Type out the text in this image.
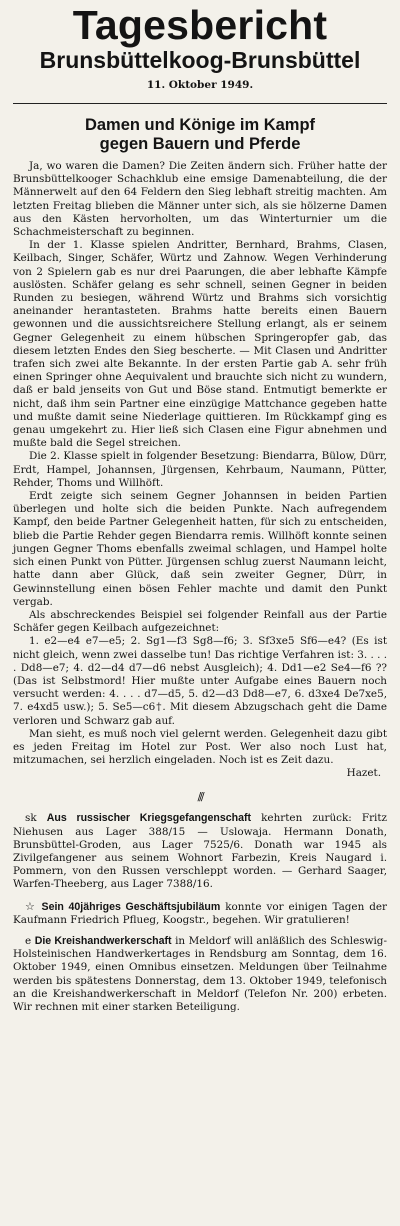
Tagesbericht
Brunsbüttelkoog-Brunsbüttel
11. Oktober 1949.
Damen und Könige im Kampf
gegen Bauern und Pferde

Ja, wo waren die Damen? Die Zeiten ändern sich. Früher hatte der Brunsbüttelkooger Schachklub eine emsige Damenabteilung, die der Männerwelt auf den 64 Feldern den Sieg lebhaft streitig machten. Am letzten Freitag blieben die Männer unter sich, als sie hölzerne Damen aus den Kästen hervorholten, um das Winterturnier um die Schachmeisterschaft zu beginnen.

In der 1. Klasse spielen Andritter, Bernhard, Brahms, Clasen, Keilbach, Singer, Schäfer, Würtz und Zahnow. Wegen Verhinderung von 2 Spielern gab es nur drei Paarungen, die aber lebhafte Kämpfe auslösten. Schäfer gelang es sehr schnell, seinen Gegner in beiden Runden zu besiegen, während Würtz und Brahms sich vorsichtig aneinander herantasteten. Brahms hatte bereits einen Bauern gewonnen und die aussichtsreichere Stellung erlangt, als er seinem Gegner Gelegenheit zu einem hübschen Springeropfer gab, das diesem letzten Endes den Sieg bescherte. — Mit Clasen und Andritter trafen sich zwei alte Bekannte. In der ersten Partie gab A. sehr früh einen Springer ohne Aequivalent und brauchte sich nicht zu wundern, daß er bald jenseits von Gut und Böse stand. Entmutigt bemerkte er nicht, daß ihm sein Partner eine einzügige Mattchance gegeben hatte und mußte damit seine Niederlage quittieren. Im Rückkampf ging es genau umgekehrt zu. Hier ließ sich Clasen eine Figur abnehmen und mußte bald die Segel streichen.

Die 2. Klasse spielt in folgender Besetzung: Biendarra, Bülow, Dürr, Erdt, Hampel, Johannsen, Jürgensen, Kehrbaum, Naumann, Pütter, Rehder, Thoms und Willhöft.

Erdt zeigte sich seinem Gegner Johannsen in beiden Partien überlegen und holte sich die beiden Punkte. Nach aufregendem Kampf, den beide Partner Gelegenheit hatten, für sich zu entscheiden, blieb die Partie Rehder gegen Biendarra remis. Willhöft konnte seinen jungen Gegner Thoms ebenfalls zweimal schlagen, und Hampel holte sich einen Punkt von Pütter. Jürgensen schlug zuerst Naumann leicht, hatte dann aber Glück, daß sein zweiter Gegner, Dürr, in Gewinnstellung einen bösen Fehler machte und damit den Punkt vergab.

Als abschreckendes Beispiel sei folgender Reinfall aus der Partie Schäfer gegen Keilbach aufgezeichnet:

1. e2—e4 e7—e5; 2. Sg1—f3 Sg8—f6; 3. Sf3xe5 Sf6—e4? (Es ist nicht gleich, wenn zwei dasselbe tun! Das richtige Verfahren ist: 3. . . . . Dd8—e7; 4. d2—d4 d7—d6 nebst Ausgleich); 4. Dd1—e2 Se4—f6 ?? (Das ist Selbstmord! Hier mußte unter Aufgabe eines Bauern noch versucht werden: 4. . . . d7—d5, 5. d2—d3 Dd8—e7, 6. d3xe4 De7xe5, 7. e4xd5 usw.); 5. Se5—c6†. Mit diesem Abzugschach geht die Dame verloren und Schwarz gab auf.

Man sieht, es muß noch viel gelernt werden. Gelegenheit dazu gibt es jeden Freitag im Hotel zur Post. Wer also noch Lust hat, mitzumachen, sei herzlich eingeladen. Noch ist es Zeit dazu.

Hazet.
///

sk Aus russischer Kriegsgefangenschaft kehrten zurück: Fritz Niehusen aus Lager 388/15 — Uslowaja. Hermann Donath, Brunsbüttel-Groden, aus Lager 7525/6. Donath war 1945 als Zivilgefangener aus seinem Wohnort Farbezin, Kreis Naugard i. Pommern, von den Russen verschleppt worden. — Gerhard Saager, Warfen-Theeberg, aus Lager 7388/16.

☆ Sein 40jähriges Geschäftsjubiläum konnte vor einigen Tagen der Kaufmann Friedrich Pflueg, Koogstr., begehen. Wir gratulieren!

e Die Kreishandwerkerschaft in Meldorf will anläßlich des Schleswig-Holsteinischen Handwerkertages in Rendsburg am Sonntag, dem 16. Oktober 1949, einen Omnibus einsetzen. Meldungen über Teilnahme werden bis spätestens Donnerstag, dem 13. Oktober 1949, telefonisch an die Kreishandwerkerschaft in Meldorf (Telefon Nr. 200) erbeten. Wir rechnen mit einer starken Beteiligung.
